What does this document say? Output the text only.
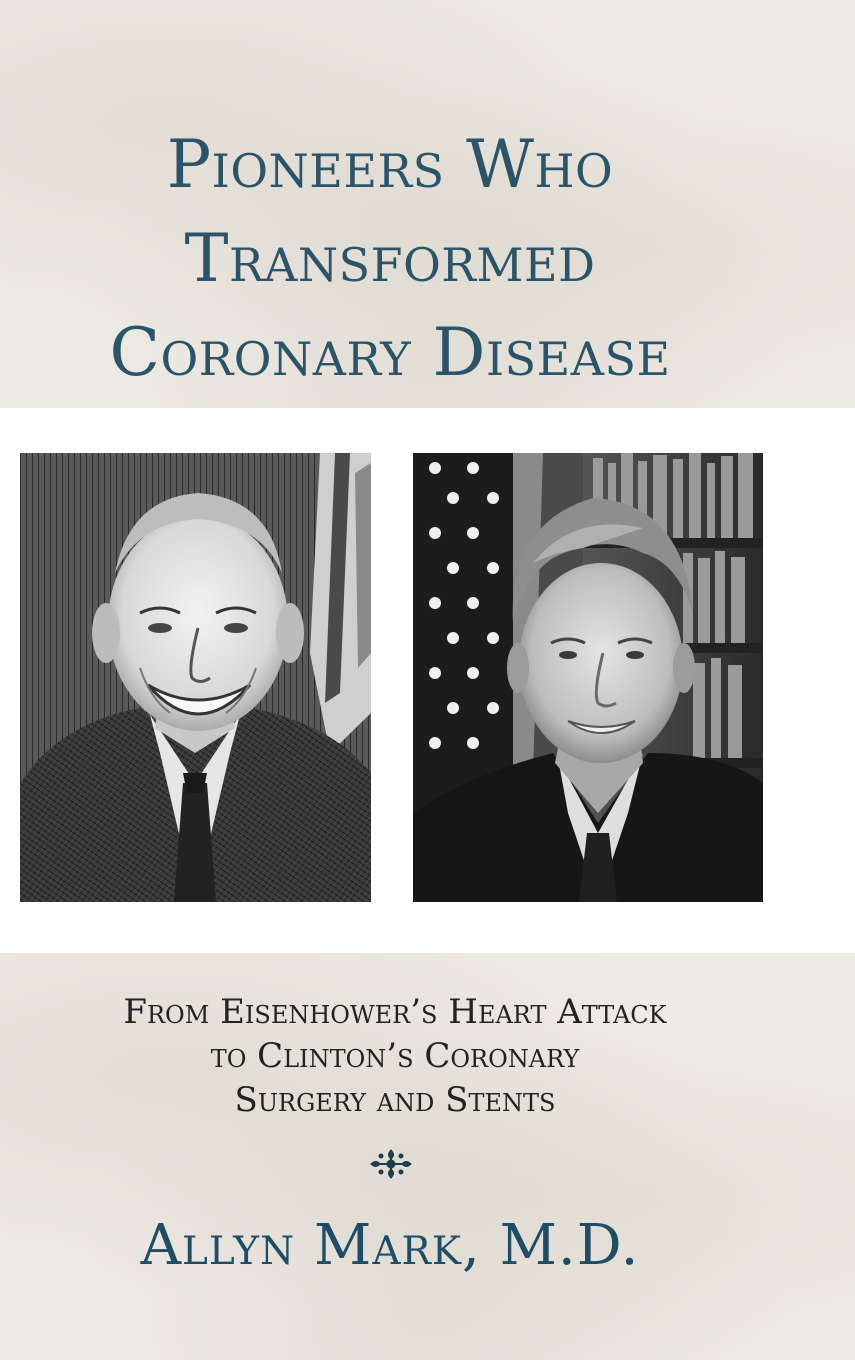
Pioneers Who
Transformed
Coronary Disease
From Eisenhower’s Heart Attack
to Clinton’s Coronary
Surgery and Stents
Allyn Mark, M.D.
